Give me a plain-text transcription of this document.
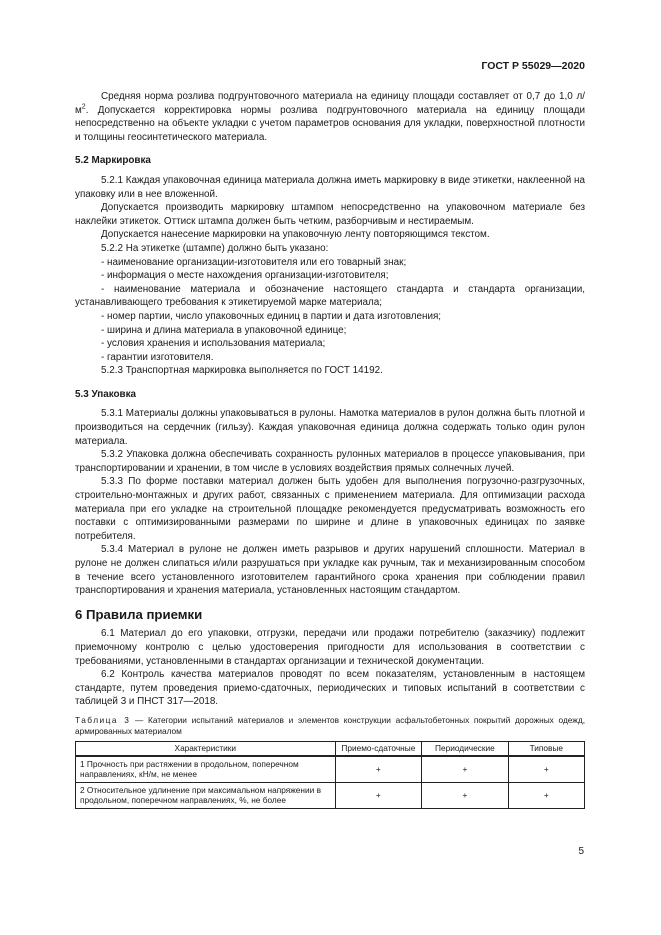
ГОСТ Р 55029—2020

Средняя норма розлива подгрунтовочного материала на единицу площади составляет от 0,7 до 1,0 $л/м^2$. Допускается корректировка нормы розлива подгрунтовочного материала на единицу площади непосредственно на объекте укладки с учетом параметров основания для укладки, поверхностной плотности и толщины геосинтетического материала.

5.2 Маркировка

5.2.1 Каждая упаковочная единица материала должна иметь маркировку в виде этикетки, наклеенной на упаковку или в нее вложенной.

Допускается производить маркировку штампом непосредственно на упаковочном материале без наклейки этикеток. Оттиск штампа должен быть четким, разборчивым и нестираемым.

Допускается нанесение маркировки на упаковочную ленту повторяющимся текстом.

5.2.2 На этикетке (штампе) должно быть указано:

- наименование организации-изготовителя или его товарный знак;

- информация о месте нахождения организации-изготовителя;

- наименование материала и обозначение настоящего стандарта и стандарта организации, устанавливающего требования к этикетируемой марке материала;

- номер партии, число упаковочных единиц в партии и дата изготовления;

- ширина и длина материала в упаковочной единице;

- условия хранения и использования материала;

- гарантии изготовителя.

5.2.3 Транспортная маркировка выполняется по ГОСТ 14192.

5.3 Упаковка

5.3.1 Материалы должны упаковываться в рулоны. Намотка материалов в рулон должна быть плотной и производиться на сердечник (гильзу). Каждая упаковочная единица должна содержать только один рулон материала.

5.3.2 Упаковка должна обеспечивать сохранность рулонных материалов в процессе упаковывания, при транспортировании и хранении, в том числе в условиях воздействия прямых солнечных лучей.

5.3.3 По форме поставки материал должен быть удобен для выполнения погрузочно-разгрузочных, строительно-монтажных и других работ, связанных с применением материала. Для оптимизации расхода материала при его укладке на строительной площадке рекомендуется предусматривать возможность его поставки с оптимизированными размерами по ширине и длине в упаковочных единицах по заявке потребителя.

5.3.4 Материал в рулоне не должен иметь разрывов и других нарушений сплошности. Материал в рулоне не должен слипаться и/или разрушаться при укладке как ручным, так и механизированным способом в течение всего установленного изготовителем гарантийного срока хранения при соблюдении правил транспортирования и хранения материала, установленных настоящим стандартом.

6 Правила приемки

6.1 Материал до его упаковки, отгрузки, передачи или продажи потребителю (заказчику) подлежит приемочному контролю с целью удостоверения пригодности для использования в соответствии с требованиями, установленными в стандартах организации и технической документации.

6.2 Контроль качества материалов проводят по всем показателям, установленным в настоящем стандарте, путем проведения приемо-сдаточных, периодических и типовых испытаний в соответствии с таблицей 3 и ПНСТ 317—2018.

Таблица 3 — Категории испытаний материалов и элементов конструкции асфальтобетонных покрытий дорожных одежд, армированных материалом

Характеристики	Приемо-сдаточные	Периодические	Типовые
1 Прочность при растяжении в продольном, поперечном направлениях, кН/м, не менее	+	+	+
2 Относительное удлинение при максимальном напряжении в продольном, поперечном направлениях, %, не более	+	+	+
5
